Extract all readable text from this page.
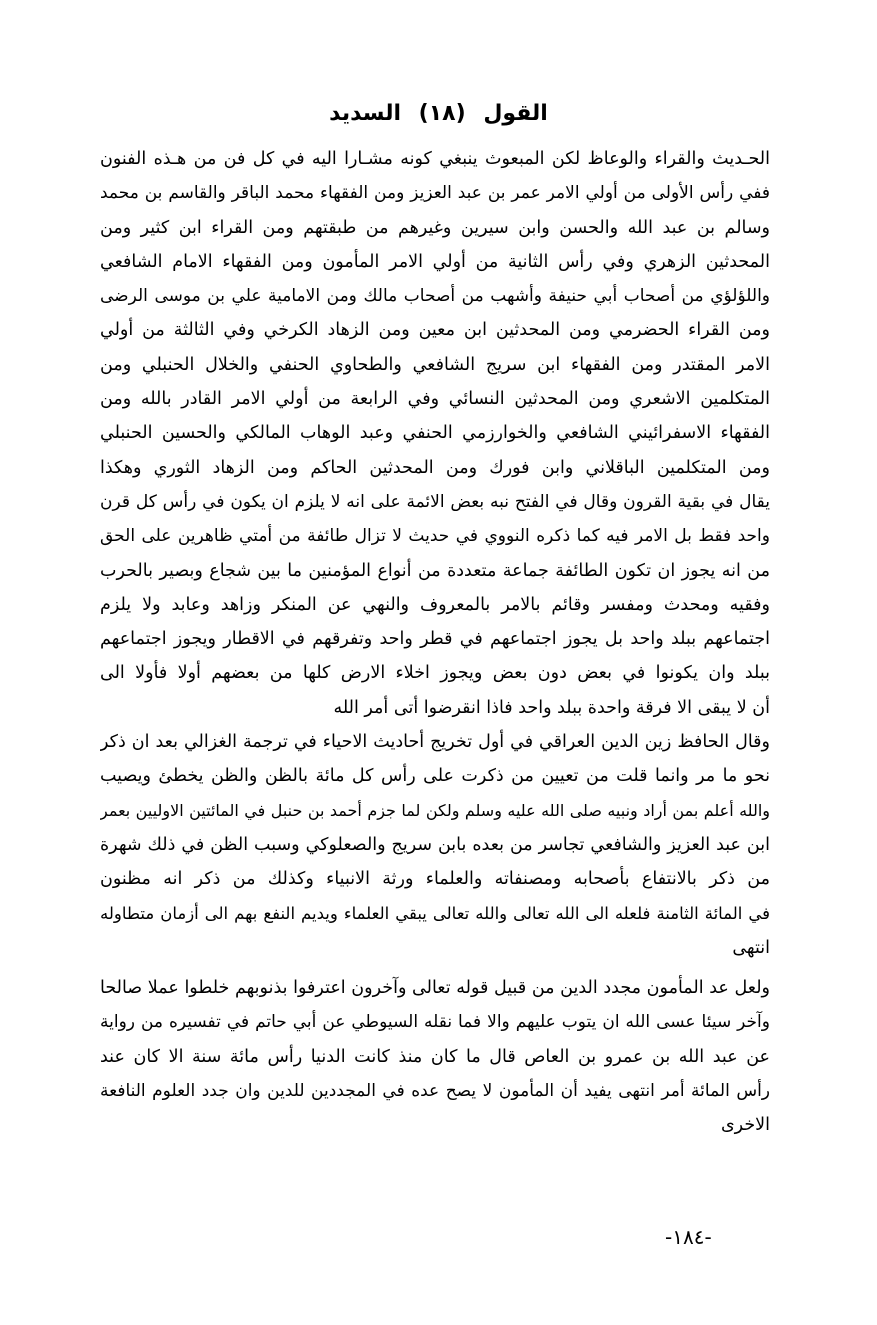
القول (١٨) السديد
الحـديث والقراء والوعاظ لكن المبعوث ينبغي كونه مشـارا اليه في كل فن من هـذه الفنون
ففي رأس الأولى من أولي الامر عمر بن عبد العزيز ومن الفقهاء محمد الباقر والقاسم بن محمد
وسالم بن عبد الله والحسن وابن سيرين وغيرهم من طبقتهم ومن القراء ابن كثير ومن
المحدثين الزهري وفي رأس الثانية من أولي الامر المأمون ومن الفقهاء الامام الشافعي
واللؤلؤي من أصحاب أبي حنيفة وأشهب من أصحاب مالك ومن الامامية علي بن موسى الرضى
ومن القراء الحضرمي ومن المحدثين ابن معين ومن الزهاد الكرخي وفي الثالثة من أولي
الامر المقتدر ومن الفقهاء ابن سريج الشافعي والطحاوي الحنفي والخلال الحنبلي ومن
المتكلمين الاشعري ومن المحدثين النسائي وفي الرابعة من أولي الامر القادر بالله ومن
الفقهاء الاسفرائيني الشافعي والخوارزمي الحنفي وعبد الوهاب المالكي والحسين الحنبلي
ومن المتكلمين الباقلاني وابن فورك ومن المحدثين الحاكم ومن الزهاد الثوري وهكذا
يقال في بقية القرون وقال في الفتح نبه بعض الائمة على انه لا يلزم ان يكون في رأس كل قرن
واحد فقط بل الامر فيه كما ذكره النووي في حديث لا تزال طائفة من أمتي ظاهرين على الحق
من انه يجوز ان تكون الطائفة جماعة متعددة من أنواع المؤمنين ما بين شجاع وبصير بالحرب
وفقيه ومحدث ومفسر وقائم بالامر بالمعروف والنهي عن المنكر وزاهد وعابد ولا يلزم
اجتماعهم ببلد واحد بل يجوز اجتماعهم في قطر واحد وتفرقهم في الاقطار ويجوز اجتماعهم
ببلد وان يكونوا في بعض دون بعض ويجوز اخلاء الارض كلها من بعضهم أولا فأولا الى
أن لا يبقى الا فرقة واحدة ببلد واحد فاذا انقرضوا أتى أمر الله
وقال الحافظ زين الدين العراقي في أول تخريج أحاديث الاحياء في ترجمة الغزالي بعد ان ذكر
نحو ما مر وانما قلت من تعيين من ذكرت على رأس كل مائة بالظن والظن يخطئ ويصيب
والله أعلم بمن أراد ونبيه صلى الله عليه وسلم ولكن لما جزم أحمد بن حنبل في المائتين الاوليين بعمر
ابن عبد العزيز والشافعي تجاسر من بعده بابن سريج والصعلوكي وسبب الظن في ذلك شهرة
من ذكر بالانتفاع بأصحابه ومصنفاته والعلماء ورثة الانبياء وكذلك من ذكر انه مظنون
في المائة الثامنة فلعله الى الله تعالى والله تعالى يبقي العلماء ويديم النفع بهم الى أزمان متطاوله
انتهى
ولعل عد المأمون مجدد الدين من قبيل قوله تعالى وآخرون اعترفوا بذنوبهم خلطوا عملا صالحا
وآخر سيئا عسى الله ان يتوب عليهم والا فما نقله السيوطي عن أبي حاتم في تفسيره من رواية
عن عبد الله بن عمرو بن العاص قال ما كان منذ كانت الدنيا رأس مائة سنة الا كان عند
رأس المائة أمر انتهى يفيد أن المأمون لا يصح عده في المجددين للدين وان جدد العلوم النافعة
الاخرى
-١٨٤-
